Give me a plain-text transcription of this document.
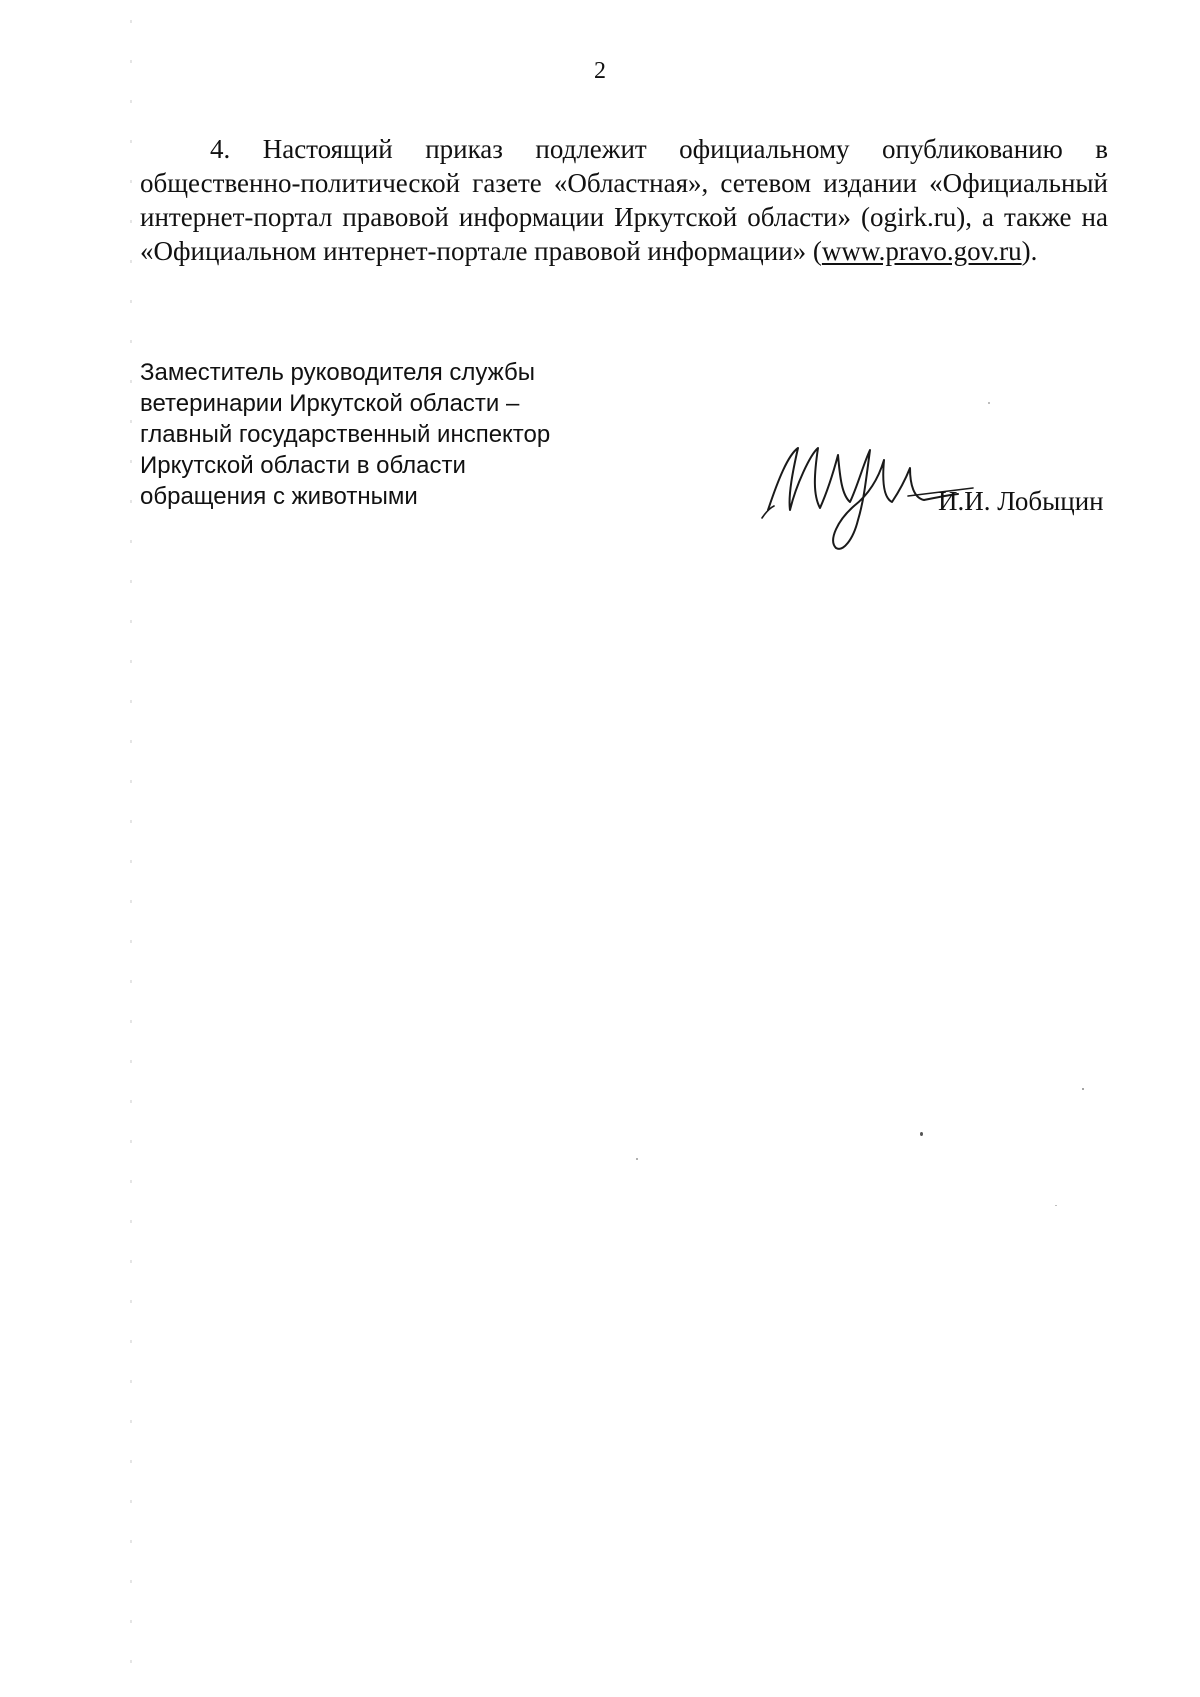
2
4. Настоящий приказ подлежит официальному опубликованию в общественно-политической газете «Областная», сетевом издании «Официальный интернет-портал правовой информации Иркутской области» (ogirk.ru), а также на «Официальном интернет-портале правовой информации» (www.pravo.gov.ru).
Заместитель руководителя службы
ветеринарии Иркутской области –
главный государственный инспектор
Иркутской области в области
обращения с животными	И.И. Лобыцин
